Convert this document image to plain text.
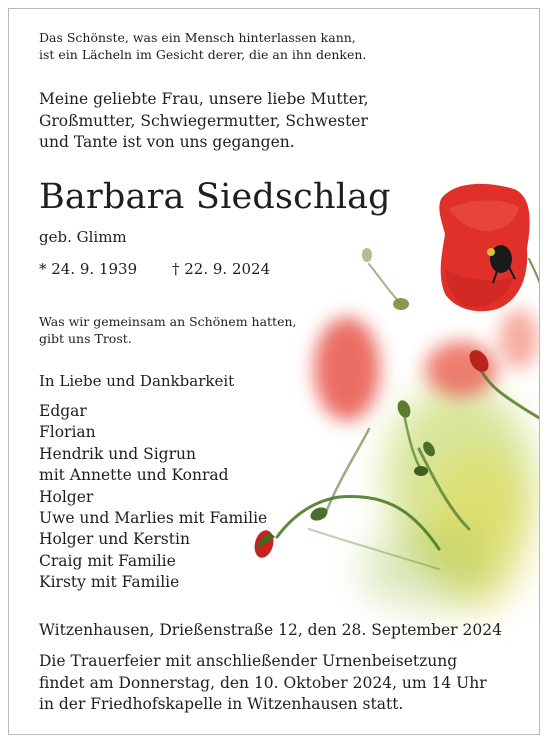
Das Schönste, was ein Mensch hinterlassen kann,
ist ein Lächeln im Gesicht derer, die an ihn denken.
Meine geliebte Frau, unsere liebe Mutter,
Großmutter, Schwiegermutter, Schwester
und Tante ist von uns gegangen.
Barbara Siedschlag
geb. Glimm
* 24. 9. 1939 † 22. 9. 2024
Was wir gemeinsam an Schönem hatten,
gibt uns Trost.
In Liebe und Dankbarkeit
Edgar
Florian
Hendrik und Sigrun
mit Annette und Konrad
Holger
Uwe und Marlies mit Familie
Holger und Kerstin
Craig mit Familie
Kirsty mit Familie
Witzenhausen, Drießenstraße 12, den 28. September 2024
Die Trauerfeier mit anschließender Urnenbeisetzung
findet am Donnerstag, den 10. Oktober 2024, um 14 Uhr
in der Friedhofskapelle in Witzenhausen statt.
